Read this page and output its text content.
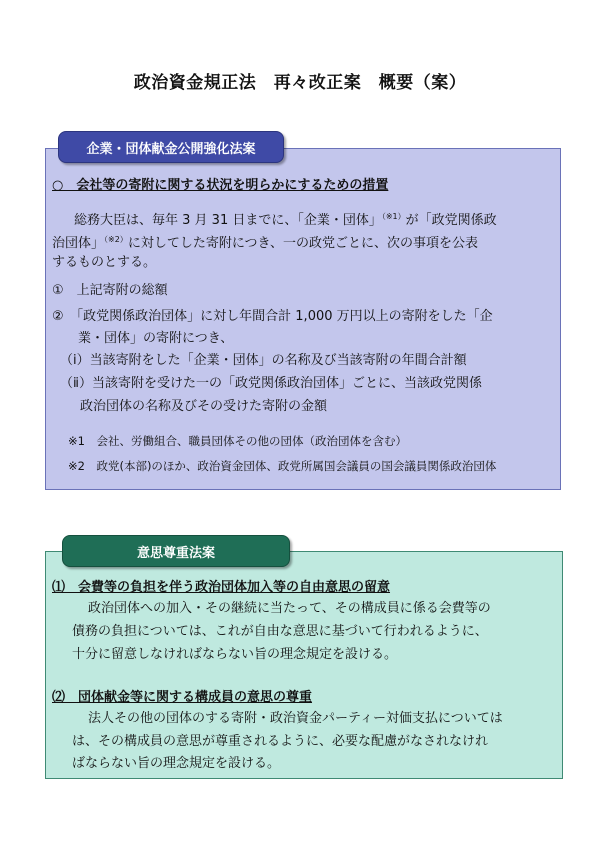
政治資金規正法　再々改正案　概要（案）
企業・団体献金公開強化法案
○　会社等の寄附に関する状況を明らかにするための措置
総務大臣は、毎年 3 月 31 日までに、「企業・団体」$^{(※1)}$が「政党関係政
治団体」$^{(※2)}$に対してした寄附につき、一の政党ごとに、次の事項を公表
するものとする。
①　上記寄附の総額
②　「政党関係政治団体」に対し年間合計 1,000 万円以上の寄附をした「企
業・団体」の寄附につき、
（ⅰ）当該寄附をした「企業・団体」の名称及び当該寄附の年間合計額
（ⅱ）当該寄附を受けた一の「政党関係政治団体」ごとに、当該政党関係
政治団体の名称及びその受けた寄附の金額
※1　会社、労働組合、職員団体その他の団体（政治団体を含む）
※2　政党(本部)のほか、政治資金団体、政党所属国会議員の国会議員関係政治団体
意思尊重法案
⑴　会費等の負担を伴う政治団体加入等の自由意思の留意
政治団体への加入・その継続に当たって、その構成員に係る会費等の
債務の負担については、これが自由な意思に基づいて行われるように、
十分に留意しなければならない旨の理念規定を設ける。
⑵　団体献金等に関する構成員の意思の尊重
法人その他の団体のする寄附・政治資金パーティー対価支払については
は、その構成員の意思が尊重されるように、必要な配慮がなされなけれ
ばならない旨の理念規定を設ける。
